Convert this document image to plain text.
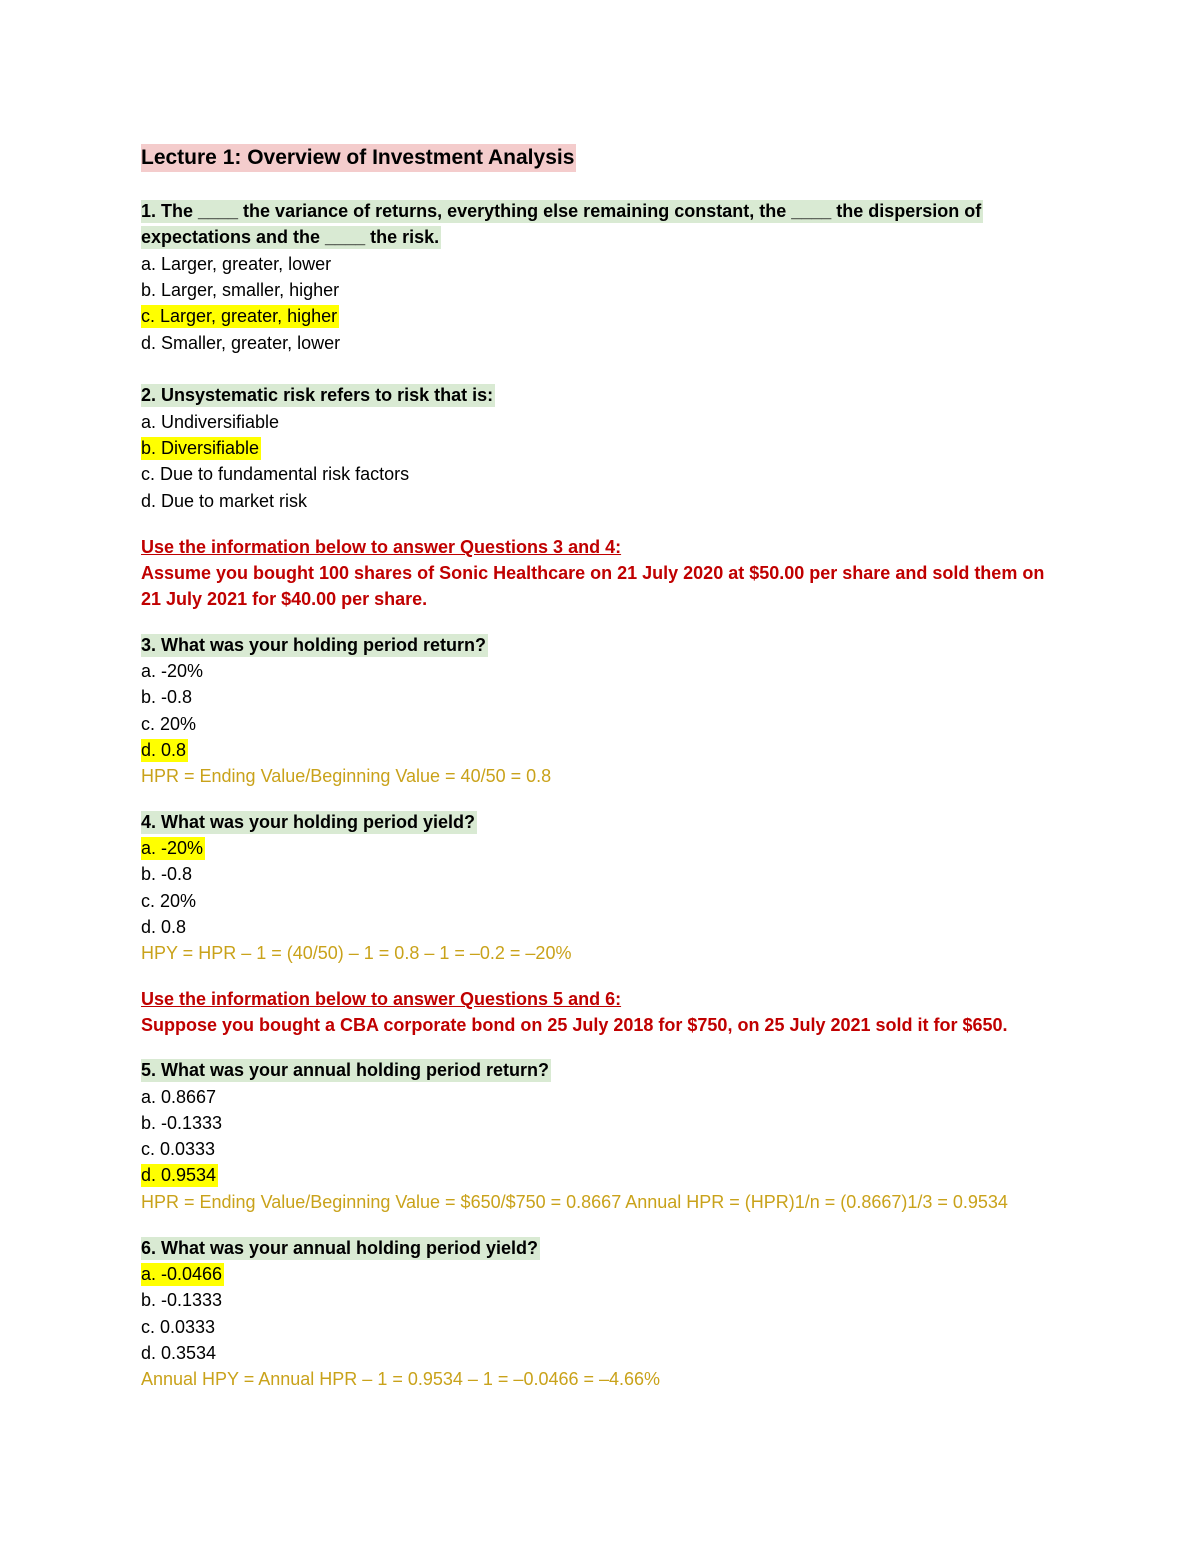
Lecture 1: Overview of Investment Analysis
1. The ____ the variance of returns, everything else remaining constant, the ____ the dispersion of
expectations and the ____ the risk.
a. Larger, greater, lower
b. Larger, smaller, higher
c. Larger, greater, higher
d. Smaller, greater, lower
2. Unsystematic risk refers to risk that is:
a. Undiversifiable
b. Diversifiable
c. Due to fundamental risk factors
d. Due to market risk
Use the information below to answer Questions 3 and 4:
Assume you bought 100 shares of Sonic Healthcare on 21 July 2020 at $50.00 per share and sold them on
21 July 2021 for $40.00 per share.
3. What was your holding period return?
a. -20%
b. -0.8
c. 20%
d. 0.8
HPR = Ending Value/Beginning Value = 40/50 = 0.8
4. What was your holding period yield?
a. -20%
b. -0.8
c. 20%
d. 0.8
HPY = HPR – 1 = (40/50) – 1 = 0.8 – 1 = –0.2 = –20%
Use the information below to answer Questions 5 and 6:
Suppose you bought a CBA corporate bond on 25 July 2018 for $750, on 25 July 2021 sold it for $650.
5. What was your annual holding period return?
a. 0.8667
b. -0.1333
c. 0.0333
d. 0.9534
HPR = Ending Value/Beginning Value = $650/$750 = 0.8667 Annual HPR = (HPR)1/n = (0.8667)1/3 = 0.9534
6. What was your annual holding period yield?
a. -0.0466
b. -0.1333
c. 0.0333
d. 0.3534
Annual HPY = Annual HPR – 1 = 0.9534 – 1 = –0.0466 = –4.66%
